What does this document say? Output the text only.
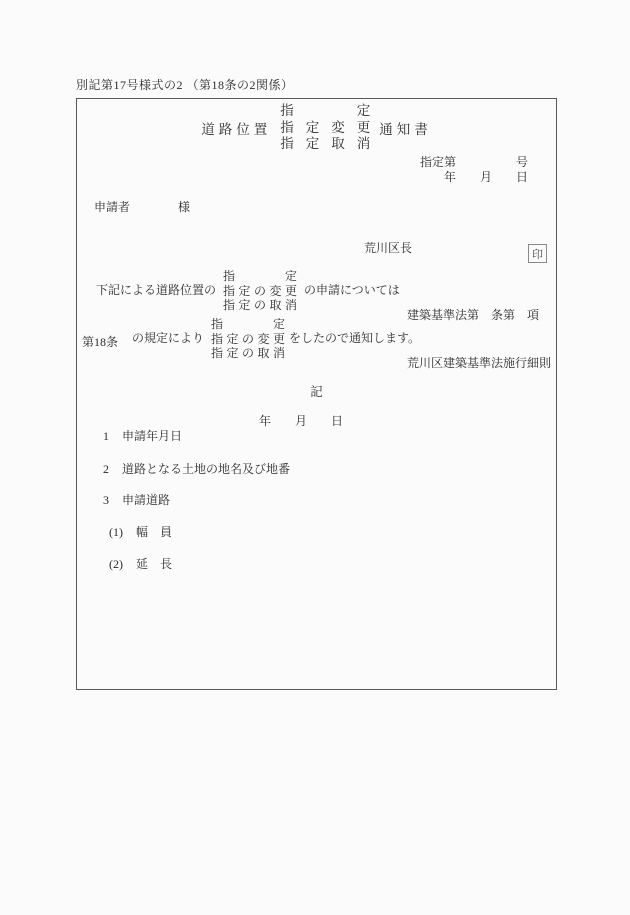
別記第17号様式の2 （第18条の2関係）
道路位置
指定
指定変更
指定取消
通知書
指定第　　　　　号
年　　月　　日
申請者　　　　様
荒川区長	印
下記による道路位置の
指定
指定の変更
指定の取消
の申請については

建築基準法第　条第　項

荒川区建築基準法施行細則

第18条 の規定により
指定
指定の変更
指定の取消
をしたので通知します。
記

1 申請年月日

年　　月　　日

2 道路となる土地の地名及び地番

3 申請道路

(1) 幅　員

(2) 延　長
